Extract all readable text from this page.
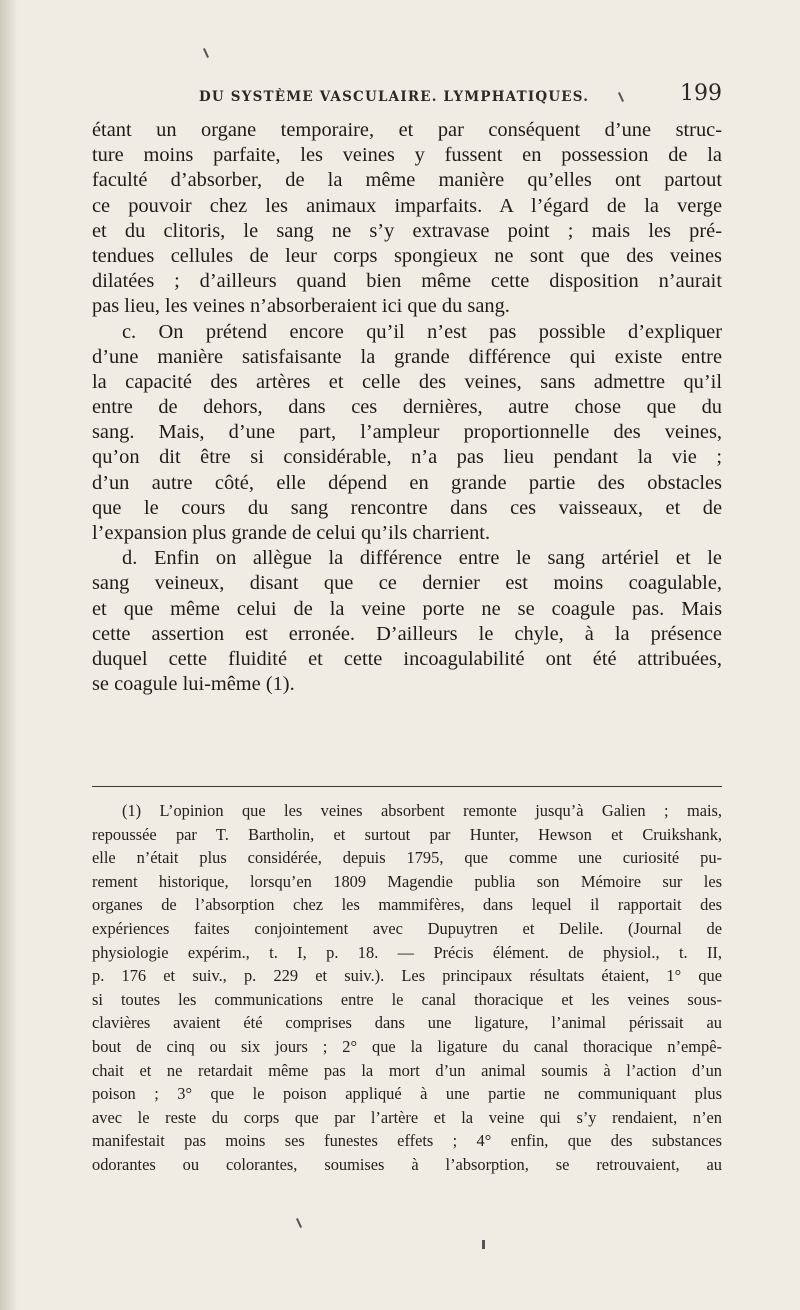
DU SYSTÈME VASCULAIRE. LYMPHATIQUES.	199
étant un organe temporaire, et par conséquent d’une struc-
ture moins parfaite, les veines y fussent en possession de la
faculté d’absorber, de la même manière qu’elles ont partout
ce pouvoir chez les animaux imparfaits. A l’égard de la verge
et du clitoris, le sang ne s’y extravase point ; mais les pré-
tendues cellules de leur corps spongieux ne sont que des veines
dilatées ; d’ailleurs quand bien même cette disposition n’aurait
pas lieu, les veines n’absorberaient ici que du sang.
c. On prétend encore qu’il n’est pas possible d’expliquer
d’une manière satisfaisante la grande différence qui existe entre
la capacité des artères et celle des veines, sans admettre qu’il
entre de dehors, dans ces dernières, autre chose que du
sang. Mais, d’une part, l’ampleur proportionnelle des veines,
qu’on dit être si considérable, n’a pas lieu pendant la vie ;
d’un autre côté, elle dépend en grande partie des obstacles
que le cours du sang rencontre dans ces vaisseaux, et de
l’expansion plus grande de celui qu’ils charrient.
d. Enfin on allègue la différence entre le sang artériel et le
sang veineux, disant que ce dernier est moins coagulable,
et que même celui de la veine porte ne se coagule pas. Mais
cette assertion est erronée. D’ailleurs le chyle, à la présence
duquel cette fluidité et cette incoagulabilité ont été attribuées,
se coagule lui-même (1).
(1) L’opinion que les veines absorbent remonte jusqu’à Galien ; mais,
repoussée par T. Bartholin, et surtout par Hunter, Hewson et Cruikshank,
elle n’était plus considérée, depuis 1795, que comme une curiosité pu-
rement historique, lorsqu’en 1809 Magendie publia son Mémoire sur les
organes de l’absorption chez les mammifères, dans lequel il rapportait des
expériences faites conjointement avec Dupuytren et Delile. (Journal de
physiologie expérim., t. I, p. 18. — Précis élément. de physiol., t. II,
p. 176 et suiv., p. 229 et suiv.). Les principaux résultats étaient, 1° que
si toutes les communications entre le canal thoracique et les veines sous-
clavières avaient été comprises dans une ligature, l’animal périssait au
bout de cinq ou six jours ; 2° que la ligature du canal thoracique n’empê-
chait et ne retardait même pas la mort d’un animal soumis à l’action d’un
poison ; 3° que le poison appliqué à une partie ne communiquant plus
avec le reste du corps que par l’artère et la veine qui s’y rendaient, n’en
manifestait pas moins ses funestes effets ; 4° enfin, que des substances
odorantes ou colorantes, soumises à l’absorption, se retrouvaient, au
